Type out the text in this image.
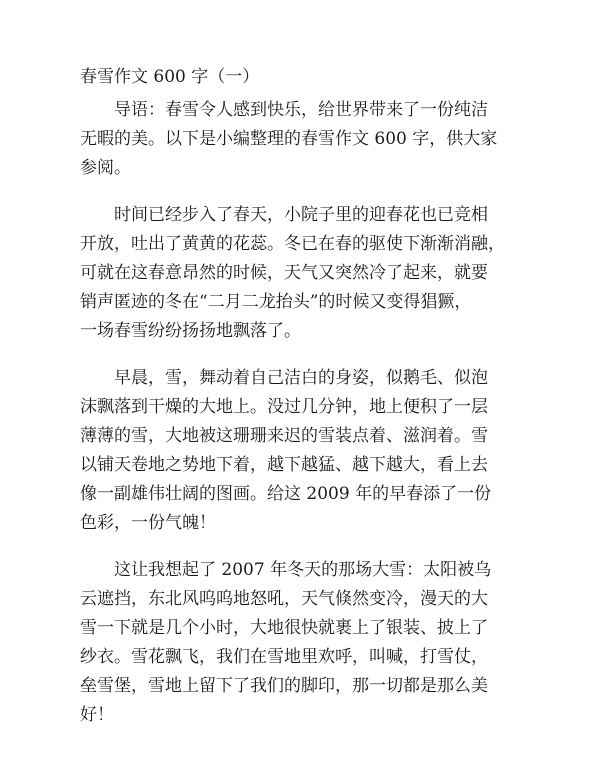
春雪作文 600 字（一）
导语：春雪令人感到快乐，给世界带来了一份纯洁
无暇的美。以下是小编整理的春雪作文 600 字，供大家
参阅。
时间已经步入了春天，小院子里的迎春花也已竞相
开放，吐出了黄黄的花蕊。冬已在春的驱使下渐渐消融，
可就在这春意昂然的时候，天气又突然冷了起来，就要
销声匿迹的冬在“二月二龙抬头”的时候又变得猖獗，
一场春雪纷纷扬扬地飘落了。
早晨，雪，舞动着自己洁白的身姿，似鹅毛、似泡
沫飘落到干燥的大地上。没过几分钟，地上便积了一层
薄薄的雪，大地被这珊珊来迟的雪装点着、滋润着。雪
以铺天卷地之势地下着，越下越猛、越下越大，看上去
像一副雄伟壮阔的图画。给这 2009 年的早春添了一份
色彩，一份气魄！
这让我想起了 2007 年冬天的那场大雪：太阳被乌
云遮挡，东北风呜呜地怒吼，天气倏然变冷，漫天的大
雪一下就是几个小时，大地很快就裹上了银装、披上了
纱衣。雪花飘飞，我们在雪地里欢呼，叫喊，打雪仗，
垒雪堡，雪地上留下了我们的脚印，那一切都是那么美
好！
